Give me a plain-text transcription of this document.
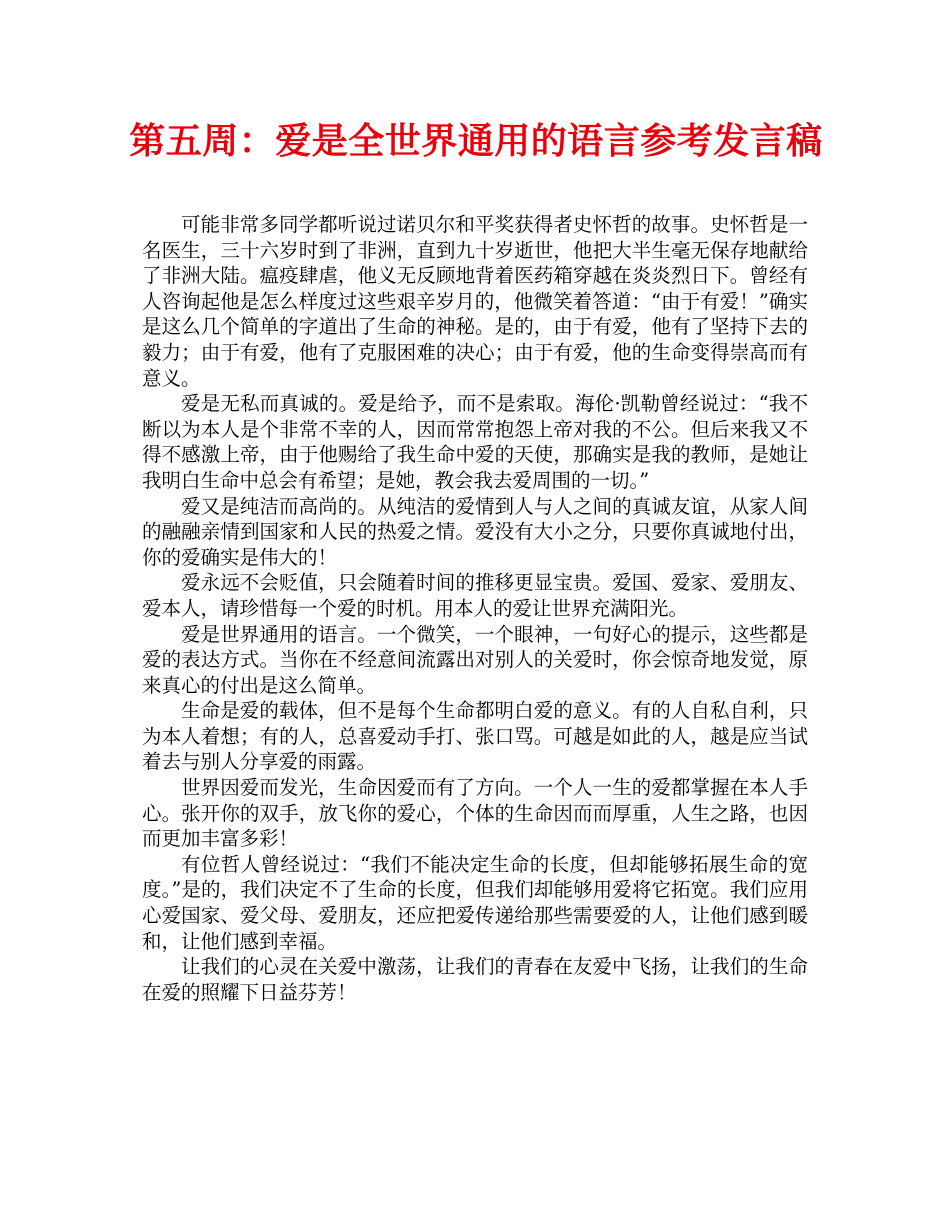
第五周：爱是全世界通用的语言参考发言稿

可能非常多同学都听说过诺贝尔和平奖获得者史怀哲的故事。史怀哲是一名医生，三十六岁时到了非洲，直到九十岁逝世，他把大半生毫无保存地献给了非洲大陆。瘟疫肆虐，他义无反顾地背着医药箱穿越在炎炎烈日下。曾经有人咨询起他是怎么样度过这些艰辛岁月的，他微笑着答道：“由于有爱！”确实是这么几个简单的字道出了生命的神秘。是的，由于有爱，他有了坚持下去的毅力；由于有爱，他有了克服困难的决心；由于有爱，他的生命变得崇高而有意义。

爱是无私而真诚的。爱是给予，而不是索取。海伦·凯勒曾经说过：“我不断以为本人是个非常不幸的人，因而常常抱怨上帝对我的不公。但后来我又不得不感激上帝，由于他赐给了我生命中爱的天使，那确实是我的教师，是她让我明白生命中总会有希望；是她，教会我去爱周围的一切。”

爱又是纯洁而高尚的。从纯洁的爱情到人与人之间的真诚友谊，从家人间的融融亲情到国家和人民的热爱之情。爱没有大小之分，只要你真诚地付出，你的爱确实是伟大的！

爱永远不会贬值，只会随着时间的推移更显宝贵。爱国、爱家、爱朋友、爱本人，请珍惜每一个爱的时机。用本人的爱让世界充满阳光。

爱是世界通用的语言。一个微笑，一个眼神，一句好心的提示，这些都是爱的表达方式。当你在不经意间流露出对别人的关爱时，你会惊奇地发觉，原来真心的付出是这么简单。

生命是爱的载体，但不是每个生命都明白爱的意义。有的人自私自利，只为本人着想；有的人，总喜爱动手打、张口骂。可越是如此的人，越是应当试着去与别人分享爱的雨露。

世界因爱而发光，生命因爱而有了方向。一个人一生的爱都掌握在本人手心。张开你的双手，放飞你的爱心，个体的生命因而而厚重，人生之路，也因而更加丰富多彩！

有位哲人曾经说过：“我们不能决定生命的长度，但却能够拓展生命的宽度。”是的，我们决定不了生命的长度，但我们却能够用爱将它拓宽。我们应用心爱国家、爱父母、爱朋友，还应把爱传递给那些需要爱的人，让他们感到暖和，让他们感到幸福。

让我们的心灵在关爱中激荡，让我们的青春在友爱中飞扬，让我们的生命在爱的照耀下日益芬芳！
